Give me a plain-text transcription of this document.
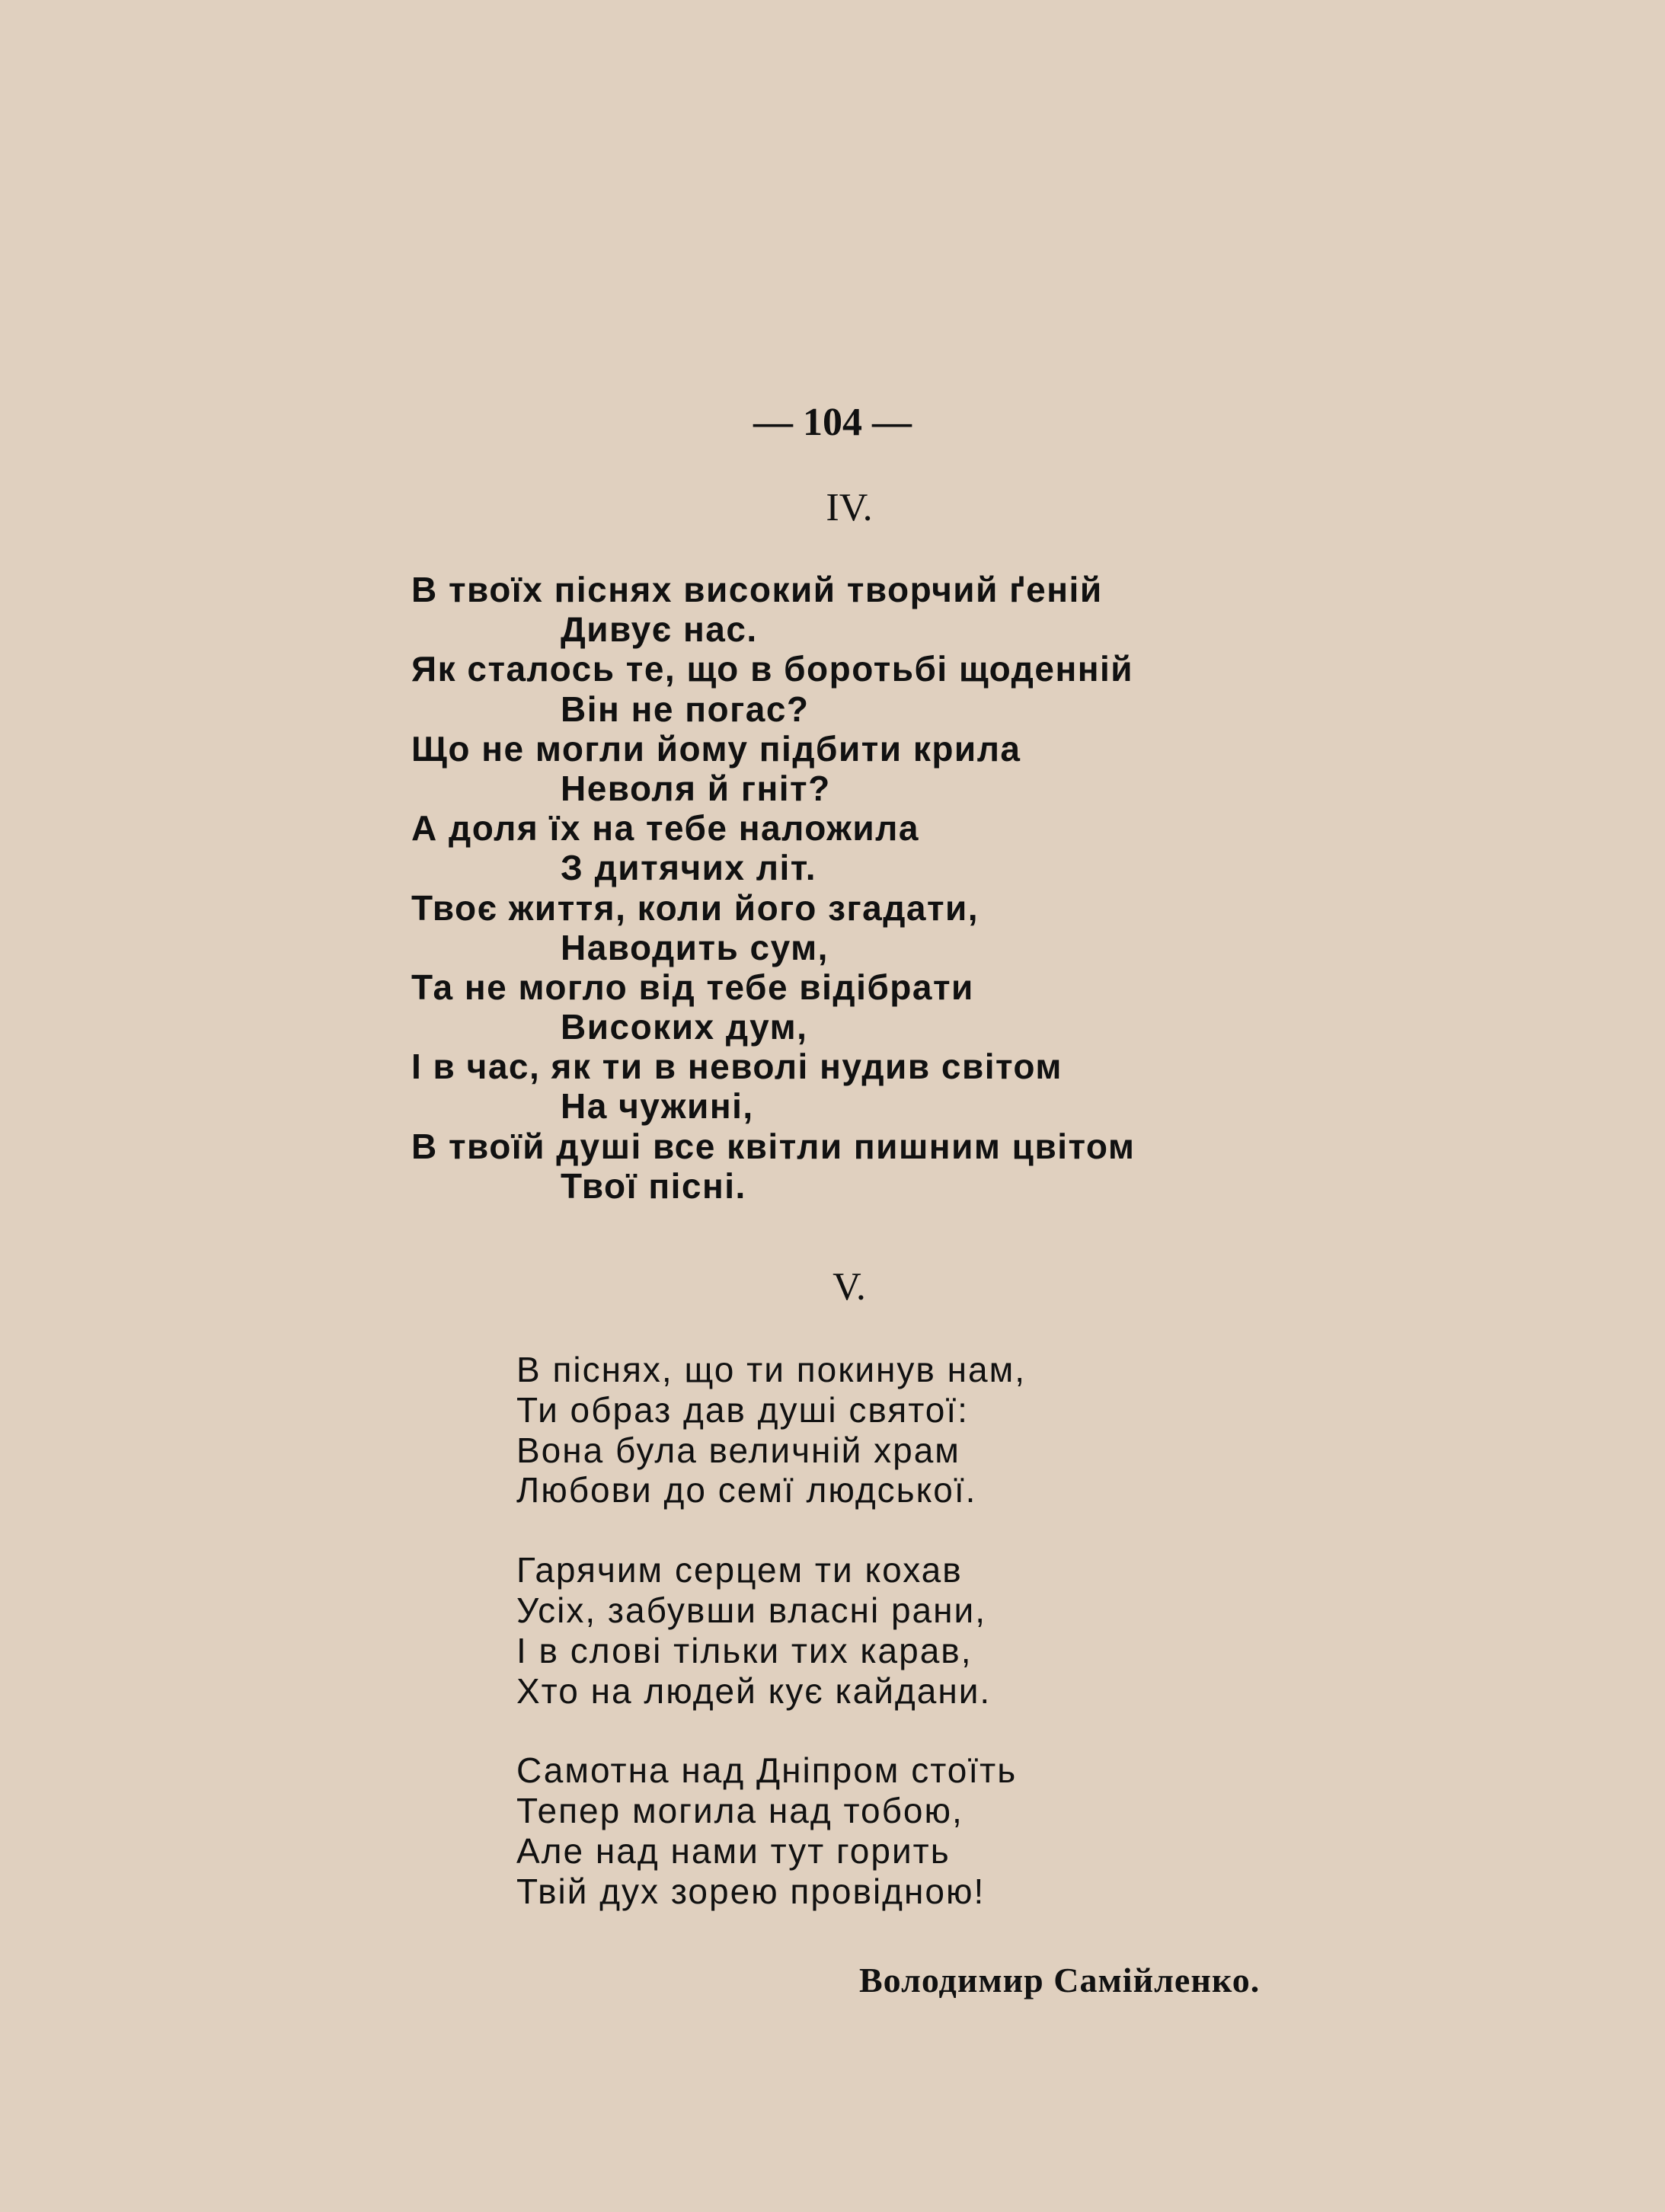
— 104 —
IV.
В твоїх піснях високий творчий ґеній
Дивує нас.
Як сталось те, що в боротьбі щоденній
Він не погас?
Що не могли йому підбити крила
Неволя й гніт?
А доля їх на тебе наложила
З дитячих літ.
Твоє життя, коли його згадати,
Наводить сум,
Та не могло від тебе відібрати
Високих дум,
І в час, як ти в неволі нудив світом
На чужині,
В твоїй душі все квітли пишним цвітом
Твої пісні.
V.
В піснях, що ти покинув нам,
Ти образ дав душі святої:
Вона була величній храм
Любови до семї людської.
Гарячим серцем ти кохав
Усіх, забувши власні рани,
І в слові тільки тих карав,
Хто на людей кує кайдани.
Самотна над Дніпром стоїть
Тепер могила над тобою,
Але над нами тут горить
Твій дух зорею провідною!
Володимир Самійленко.
